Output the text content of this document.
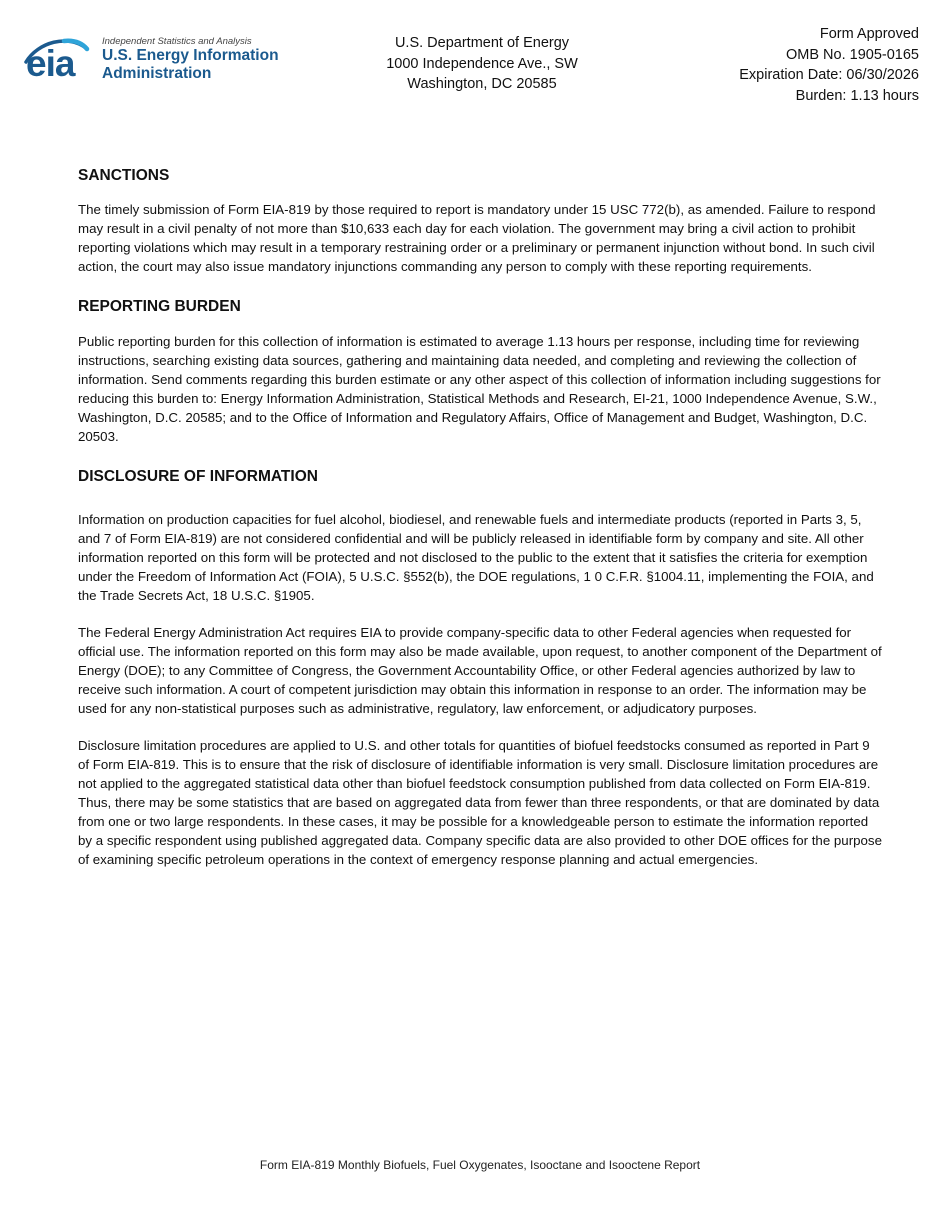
eia
Independent Statistics and Analysis
U.S. Energy Information
Administration
U.S. Department of Energy
1000 Independence Ave., SW
Washington, DC 20585
Form Approved
OMB No. 1905-0165
Expiration Date: 06/30/2026
Burden: 1.13 hours
SANCTIONS

The timely submission of Form EIA-819 by those required to report is mandatory under 15 USC 772(b), as amended. Failure to respond may result in a civil penalty of not more than $10,633 each day for each violation. The government may bring a civil action to prohibit reporting violations which may result in a temporary restraining order or a preliminary or permanent injunction without bond. In such civil action, the court may also issue mandatory injunctions commanding any person to comply with these reporting requirements.

REPORTING BURDEN

Public reporting burden for this collection of information is estimated to average 1.13 hours per response, including time for reviewing instructions, searching existing data sources, gathering and maintaining data needed, and completing and reviewing the collection of information. Send comments regarding this burden estimate or any other aspect of this collection of information including suggestions for reducing this burden to: Energy Information Administration, Statistical Methods and Research, EI-21, 1000 Independence Avenue, S.W., Washington, D.C. 20585; and to the Office of Information and Regulatory Affairs, Office of Management and Budget, Washington, D.C. 20503.

DISCLOSURE OF INFORMATION

Information on production capacities for fuel alcohol, biodiesel, and renewable fuels and intermediate products (reported in Parts 3, 5, and 7 of Form EIA-819) are not considered confidential and will be publicly released in identifiable form by company and site. All other information reported on this form will be protected and not disclosed to the public to the extent that it satisfies the criteria for exemption under the Freedom of Information Act (FOIA), 5 U.S.C. §552(b), the DOE regulations, 1 0 C.F.R. §1004.11, implementing the FOIA, and the Trade Secrets Act, 18 U.S.C. §1905.

The Federal Energy Administration Act requires EIA to provide company-specific data to other Federal agencies when requested for official use. The information reported on this form may also be made available, upon request, to another component of the Department of Energy (DOE); to any Committee of Congress, the Government Accountability Office, or other Federal agencies authorized by law to receive such information. A court of competent jurisdiction may obtain this information in response to an order. The information may be used for any non-statistical purposes such as administrative, regulatory, law enforcement, or adjudicatory purposes.

Disclosure limitation procedures are applied to U.S. and other totals for quantities of biofuel feedstocks consumed as reported in Part 9 of Form EIA-819. This is to ensure that the risk of disclosure of identifiable information is very small. Disclosure limitation procedures are not applied to the aggregated statistical data other than biofuel feedstock consumption published from data collected on Form EIA-819. Thus, there may be some statistics that are based on aggregated data from fewer than three respondents, or that are dominated by data from one or two large respondents. In these cases, it may be possible for a knowledgeable person to estimate the information reported by a specific respondent using published aggregated data. Company specific data are also provided to other DOE offices for the purpose of examining specific petroleum operations in the context of emergency response planning and actual emergencies.

Form EIA-819 Monthly Biofuels, Fuel Oxygenates, Isooctane and Isooctene Report
